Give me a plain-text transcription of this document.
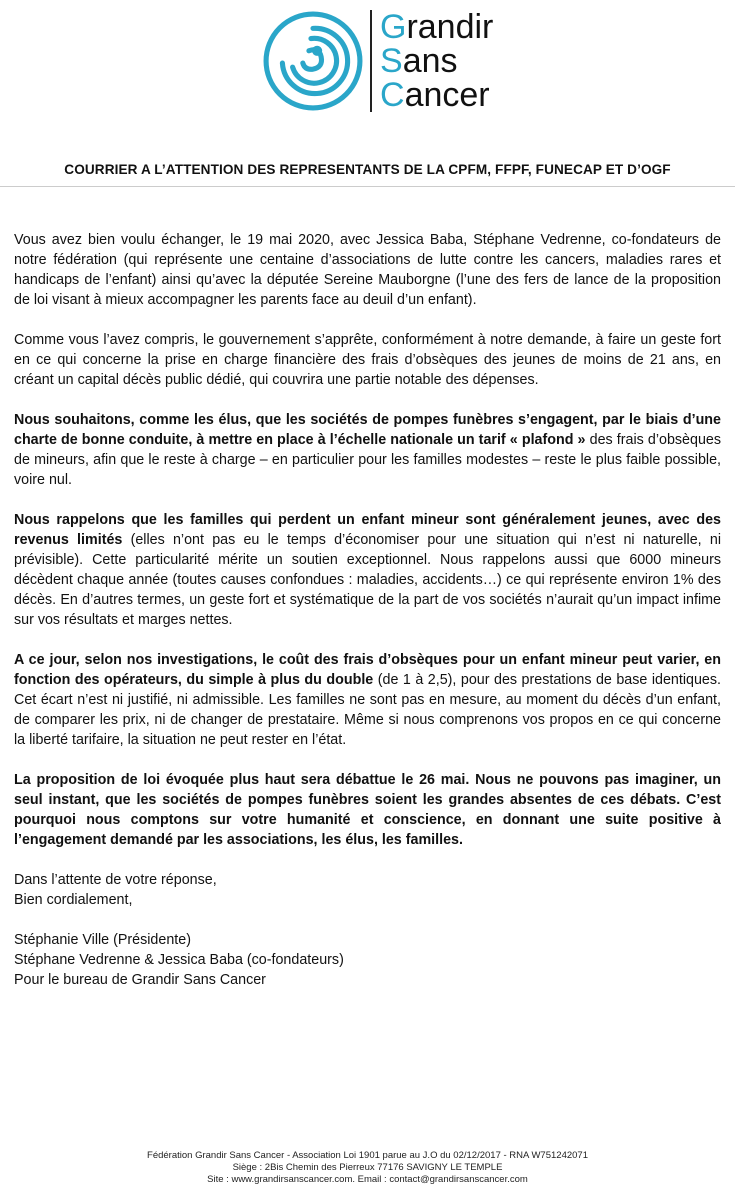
Grandir
Sans
Cancer
COURRIER A L’ATTENTION DES REPRESENTANTS DE LA CPFM, FFPF, FUNECAP ET D’OGF

Vous avez bien voulu échanger, le 19 mai 2020, avec Jessica Baba, Stéphane Vedrenne, co-fondateurs de notre fédération (qui représente une centaine d’associations de lutte contre les cancers, maladies rares et handicaps de l’enfant) ainsi qu’avec la députée Sereine Mauborgne (l’une des fers de lance de la proposition de loi visant à mieux accompagner les parents face au deuil d’un enfant).

Comme vous l’avez compris, le gouvernement s’apprête, conformément à notre demande, à faire un geste fort en ce qui concerne la prise en charge financière des frais d’obsèques des jeunes de moins de 21 ans, en créant un capital décès public dédié, qui couvrira une partie notable des dépenses.

Nous souhaitons, comme les élus, que les sociétés de pompes funèbres s’engagent, par le biais d’une charte de bonne conduite, à mettre en place à l’échelle nationale un tarif « plafond » des frais d’obsèques de mineurs, afin que le reste à charge – en particulier pour les familles modestes – reste le plus faible possible, voire nul.

Nous rappelons que les familles qui perdent un enfant mineur sont généralement jeunes, avec des revenus limités (elles n’ont pas eu le temps d’économiser pour une situation qui n’est ni naturelle, ni prévisible). Cette particularité mérite un soutien exceptionnel. Nous rappelons aussi que 6000 mineurs décèdent chaque année (toutes causes confondues : maladies, accidents…) ce qui représente environ 1% des décès. En d’autres termes, un geste fort et systématique de la part de vos sociétés n’aurait qu’un impact infime sur vos résultats et marges nettes.

A ce jour, selon nos investigations, le coût des frais d’obsèques pour un enfant mineur peut varier, en fonction des opérateurs, du simple à plus du double (de 1 à 2,5), pour des prestations de base identiques. Cet écart n’est ni justifié, ni admissible. Les familles ne sont pas en mesure, au moment du décès d’un enfant, de comparer les prix, ni de changer de prestataire. Même si nous comprenons vos propos en ce qui concerne la liberté tarifaire, la situation ne peut rester en l’état.

La proposition de loi évoquée plus haut sera débattue le 26 mai. Nous ne pouvons pas imaginer, un seul instant, que les sociétés de pompes funèbres soient les grandes absentes de ces débats. C’est pourquoi nous comptons sur votre humanité et conscience, en donnant une suite positive à l’engagement demandé par les associations, les élus, les familles.

Dans l’attente de votre réponse,
Bien cordialement,
Stéphanie Ville (Présidente)
Stéphane Vedrenne & Jessica Baba (co-fondateurs)
Pour le bureau de Grandir Sans Cancer
Fédération Grandir Sans Cancer - Association Loi 1901 parue au J.O du 02/12/2017 - RNA W751242071
Siège : 2Bis Chemin des Pierreux 77176 SAVIGNY LE TEMPLE
Site : www.grandirsanscancer.com. Email : contact@grandirsanscancer.com
